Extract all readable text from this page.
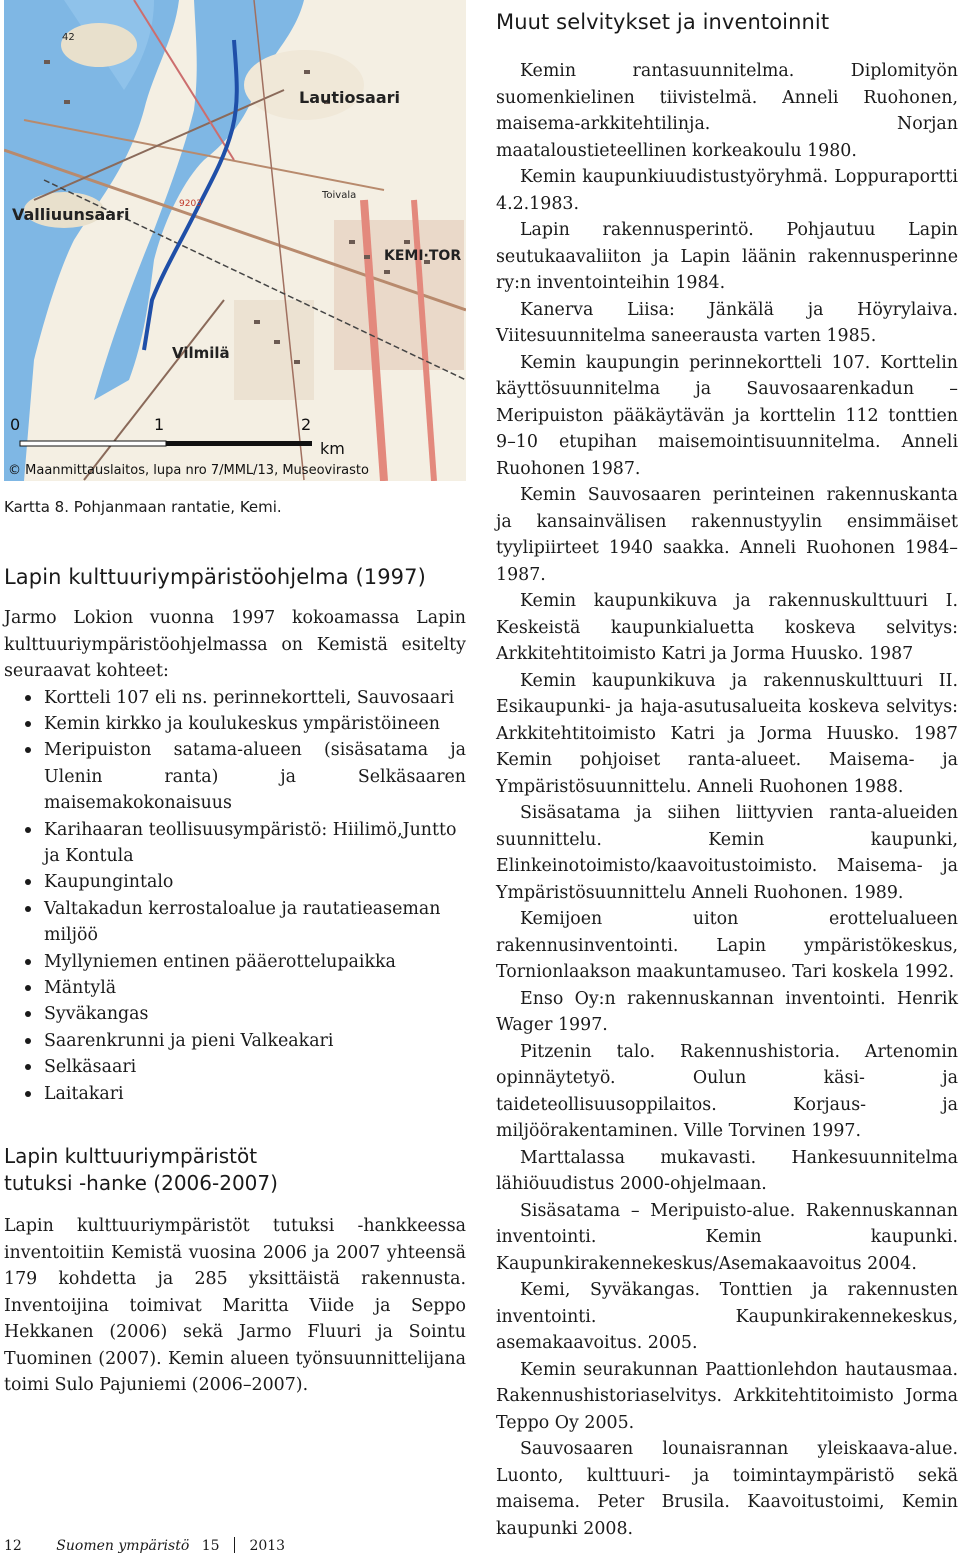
Lautiosaari
Valliuunsaari
KEMI·TOR
Vilmilä
Toivala
9203
42
0	1	2
km
© Maanmittauslaitos, lupa nro 7/MML/13, Museovirasto
Kartta 8. Pohjanmaan rantatie, Kemi.
Lapin kulttuuriympäristöohjelma (1997)

Jarmo Lokion vuonna 1997 kokoamassa Lapin kulttuuriympäristöohjelmassa on Kemistä esitelty seuraavat kohteet:

Kortteli 107 eli ns. perinnekortteli, Sauvosaari
Kemin kirkko ja koulukeskus ympäristöineen
Meripuiston satama-alueen (sisäsatama ja Ulenin ranta) ja Selkäsaaren maisemakokonaisuus
Karihaaran teollisuusympäristö: Hiilimö,Juntto ja Kontula
Kaupungintalo
Valtakadun kerrostaloalue ja rautatieaseman miljöö
Myllyniemen entinen pääerottelupaikka
Mäntylä
Syväkangas
Saarenkrunni ja pieni Valkeakari
Selkäsaari
Laitakari
Lapin kulttuuriympäristöt
tutuksi -hanke (2006-2007)

Lapin kulttuuriympäristöt tutuksi -hankkeessa inventoitiin Kemistä vuosina 2006 ja 2007 yhteensä 179 kohdetta ja 285 yksittäistä rakennusta. Inventoijina toimivat Maritta Viide ja Seppo Hekkanen (2006) sekä Jarmo Fluuri ja Sointu Tuominen (2007). Kemin alueen työnsuunnittelijana toimi Sulo Pajuniemi (2006–2007).

Muut selvitykset ja inventoinnit

Kemin rantasuunnitelma. Diplomityön suomenkielinen tiivistelmä. Anneli Ruohonen, maisema-arkkitehtilinja. Norjan maataloustieteellinen korkeakoulu 1980.

Kemin kaupunkiuudistustyöryhmä. Loppuraportti 4.2.1983.

Lapin rakennusperintö. Pohjautuu Lapin seutukaavaliiton ja Lapin läänin rakennusperinne ry:n inventointeihin 1984.

Kanerva Liisa: Jänkälä ja Höyrylaiva. Viitesuunnitelma saneerausta varten 1985.

Kemin kaupungin perinnekortteli 107. Korttelin käyttösuunnitelma ja Sauvosaarenkadun – Meripuiston pääkäytävän ja korttelin 112 tonttien 9–10 etupihan maisemointisuunnitelma. Anneli Ruohonen 1987.

Kemin Sauvosaaren perinteinen rakennuskanta ja kansainvälisen rakennustyylin ensimmäiset tyylipiirteet 1940 saakka. Anneli Ruohonen 1984–1987.

Kemin kaupunkikuva ja rakennuskulttuuri I. Keskeistä kaupunkialuetta koskeva selvitys: Arkkitehtitoimisto Katri ja Jorma Huusko. 1987

Kemin kaupunkikuva ja rakennuskulttuuri II. Esikaupunki- ja haja-asutusalueita koskeva selvitys: Arkkitehtitoimisto Katri ja Jorma Huusko. 1987 Kemin pohjoiset ranta-alueet. Maisema- ja Ympäristösuunnittelu. Anneli Ruohonen 1988.

Sisäsatama ja siihen liittyvien ranta-alueiden suunnittelu. Kemin kaupunki, Elinkeinotoimisto/kaavoitustoimisto. Maisema- ja Ympäristösuunnittelu Anneli Ruohonen. 1989.

Kemijoen uiton erottelualueen rakennusinventointi. Lapin ympäristökeskus, Tornionlaakson maakuntamuseo. Tari koskela 1992.

Enso Oy:n rakennuskannan inventointi. Henrik Wager 1997.

Pitzenin talo. Rakennushistoria. Artenomin opinnäytetyö. Oulun käsi- ja taideteollisuusoppilaitos. Korjaus- ja miljöörakentaminen. Ville Torvinen 1997.

Marttalassa mukavasti. Hankesuunnitelma lähiöuudistus 2000-ohjelmaan.

Sisäsatama – Meripuisto-alue. Rakennuskannan inventointi. Kemin kaupunki. Kaupunkirakennekeskus/Asemakaavoitus 2004.

Kemi, Syväkangas. Tonttien ja rakennusten inventointi. Kaupunkirakennekeskus, asemakaavoitus. 2005.

Kemin seurakunnan Paattionlehdon hautausmaa. Rakennushistoriaselvitys. Arkkitehtitoimisto Jorma Teppo Oy 2005.

Sauvosaaren lounaisrannan yleiskaava-alue. Luonto, kulttuuri- ja toimintaympäristö sekä maisema. Peter Brusila. Kaavoitustoimi, Kemin kaupunki 2008.

12 Suomen ympäristö 15 2013
